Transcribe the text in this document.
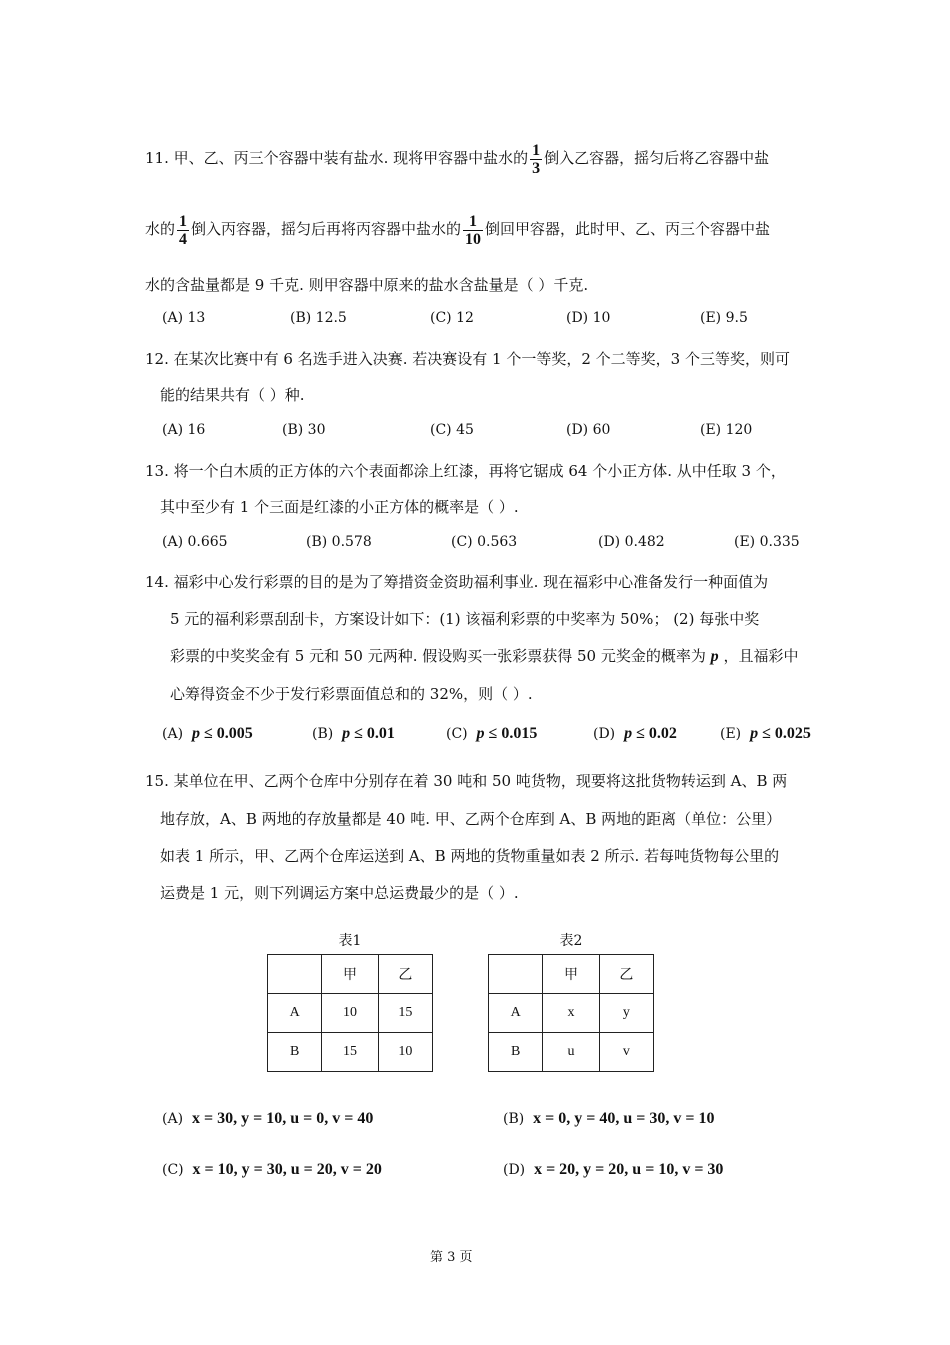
11. 甲、乙、丙三个容器中装有盐水. 现将甲容器中盐水的 $\frac{1}{3}$ 倒入乙容器，摇匀后将乙容器中盐
水的 $\frac{1}{4}$ 倒入丙容器，摇匀后再将丙容器中盐水的 $\frac{1}{10}$ 倒回甲容器，此时甲、乙、丙三个容器中盐
水的含盐量都是 9 千克. 则甲容器中原来的盐水含盐量是（ ）千克.
(A) 13	(B) 12.5	(C) 12	(D) 10	(E) 9.5
12. 在某次比赛中有 6 名选手进入决赛. 若决赛设有 1 个一等奖，2 个二等奖，3 个三等奖，则可
能的结果共有（ ）种.
(A) 16	(B) 30	(C) 45	(D) 60	(E) 120
13. 将一个白木质的正方体的六个表面都涂上红漆，再将它锯成 64 个小正方体. 从中任取 3 个，
其中至少有 1 个三面是红漆的小正方体的概率是（ ）.
(A) 0.665	(B) 0.578	(C) 0.563	(D) 0.482	(E) 0.335
14. 福彩中心发行彩票的目的是为了筹措资金资助福利事业. 现在福彩中心准备发行一种面值为
5 元的福利彩票刮刮卡，方案设计如下：(1) 该福利彩票的中奖率为 50%； (2) 每张中奖
彩票的中奖奖金有 5 元和 50 元两种. 假设购买一张彩票获得 50 元奖金的概率为 p ，且福彩中
心筹得资金不少于发行彩票面值总和的 32%，则（ ）.
(A) p ≤ 0.005	(B) p ≤ 0.01	(C) p ≤ 0.015	(D) p ≤ 0.02	(E) p ≤ 0.025
15. 某单位在甲、乙两个仓库中分别存在着 30 吨和 50 吨货物，现要将这批货物转运到 A、B 两
地存放，A、B 两地的存放量都是 40 吨. 甲、乙两个仓库到 A、B 两地的距离（单位：公里）
如表 1 所示，甲、乙两个仓库运送到 A、B 两地的货物重量如表 2 所示. 若每吨货物每公里的
运费是 1 元，则下列调运方案中总运费最少的是（ ）.
表1
	甲	乙
A	10	15
B	15	10
表2
	甲	乙
A	x	y
B	u	v
(A) x = 30, y = 10, u = 0, v = 40	(B) x = 0, y = 40, u = 30, v = 10
(C) x = 10, y = 30, u = 20, v = 20	(D) x = 20, y = 20, u = 10, v = 30
第 3 页
